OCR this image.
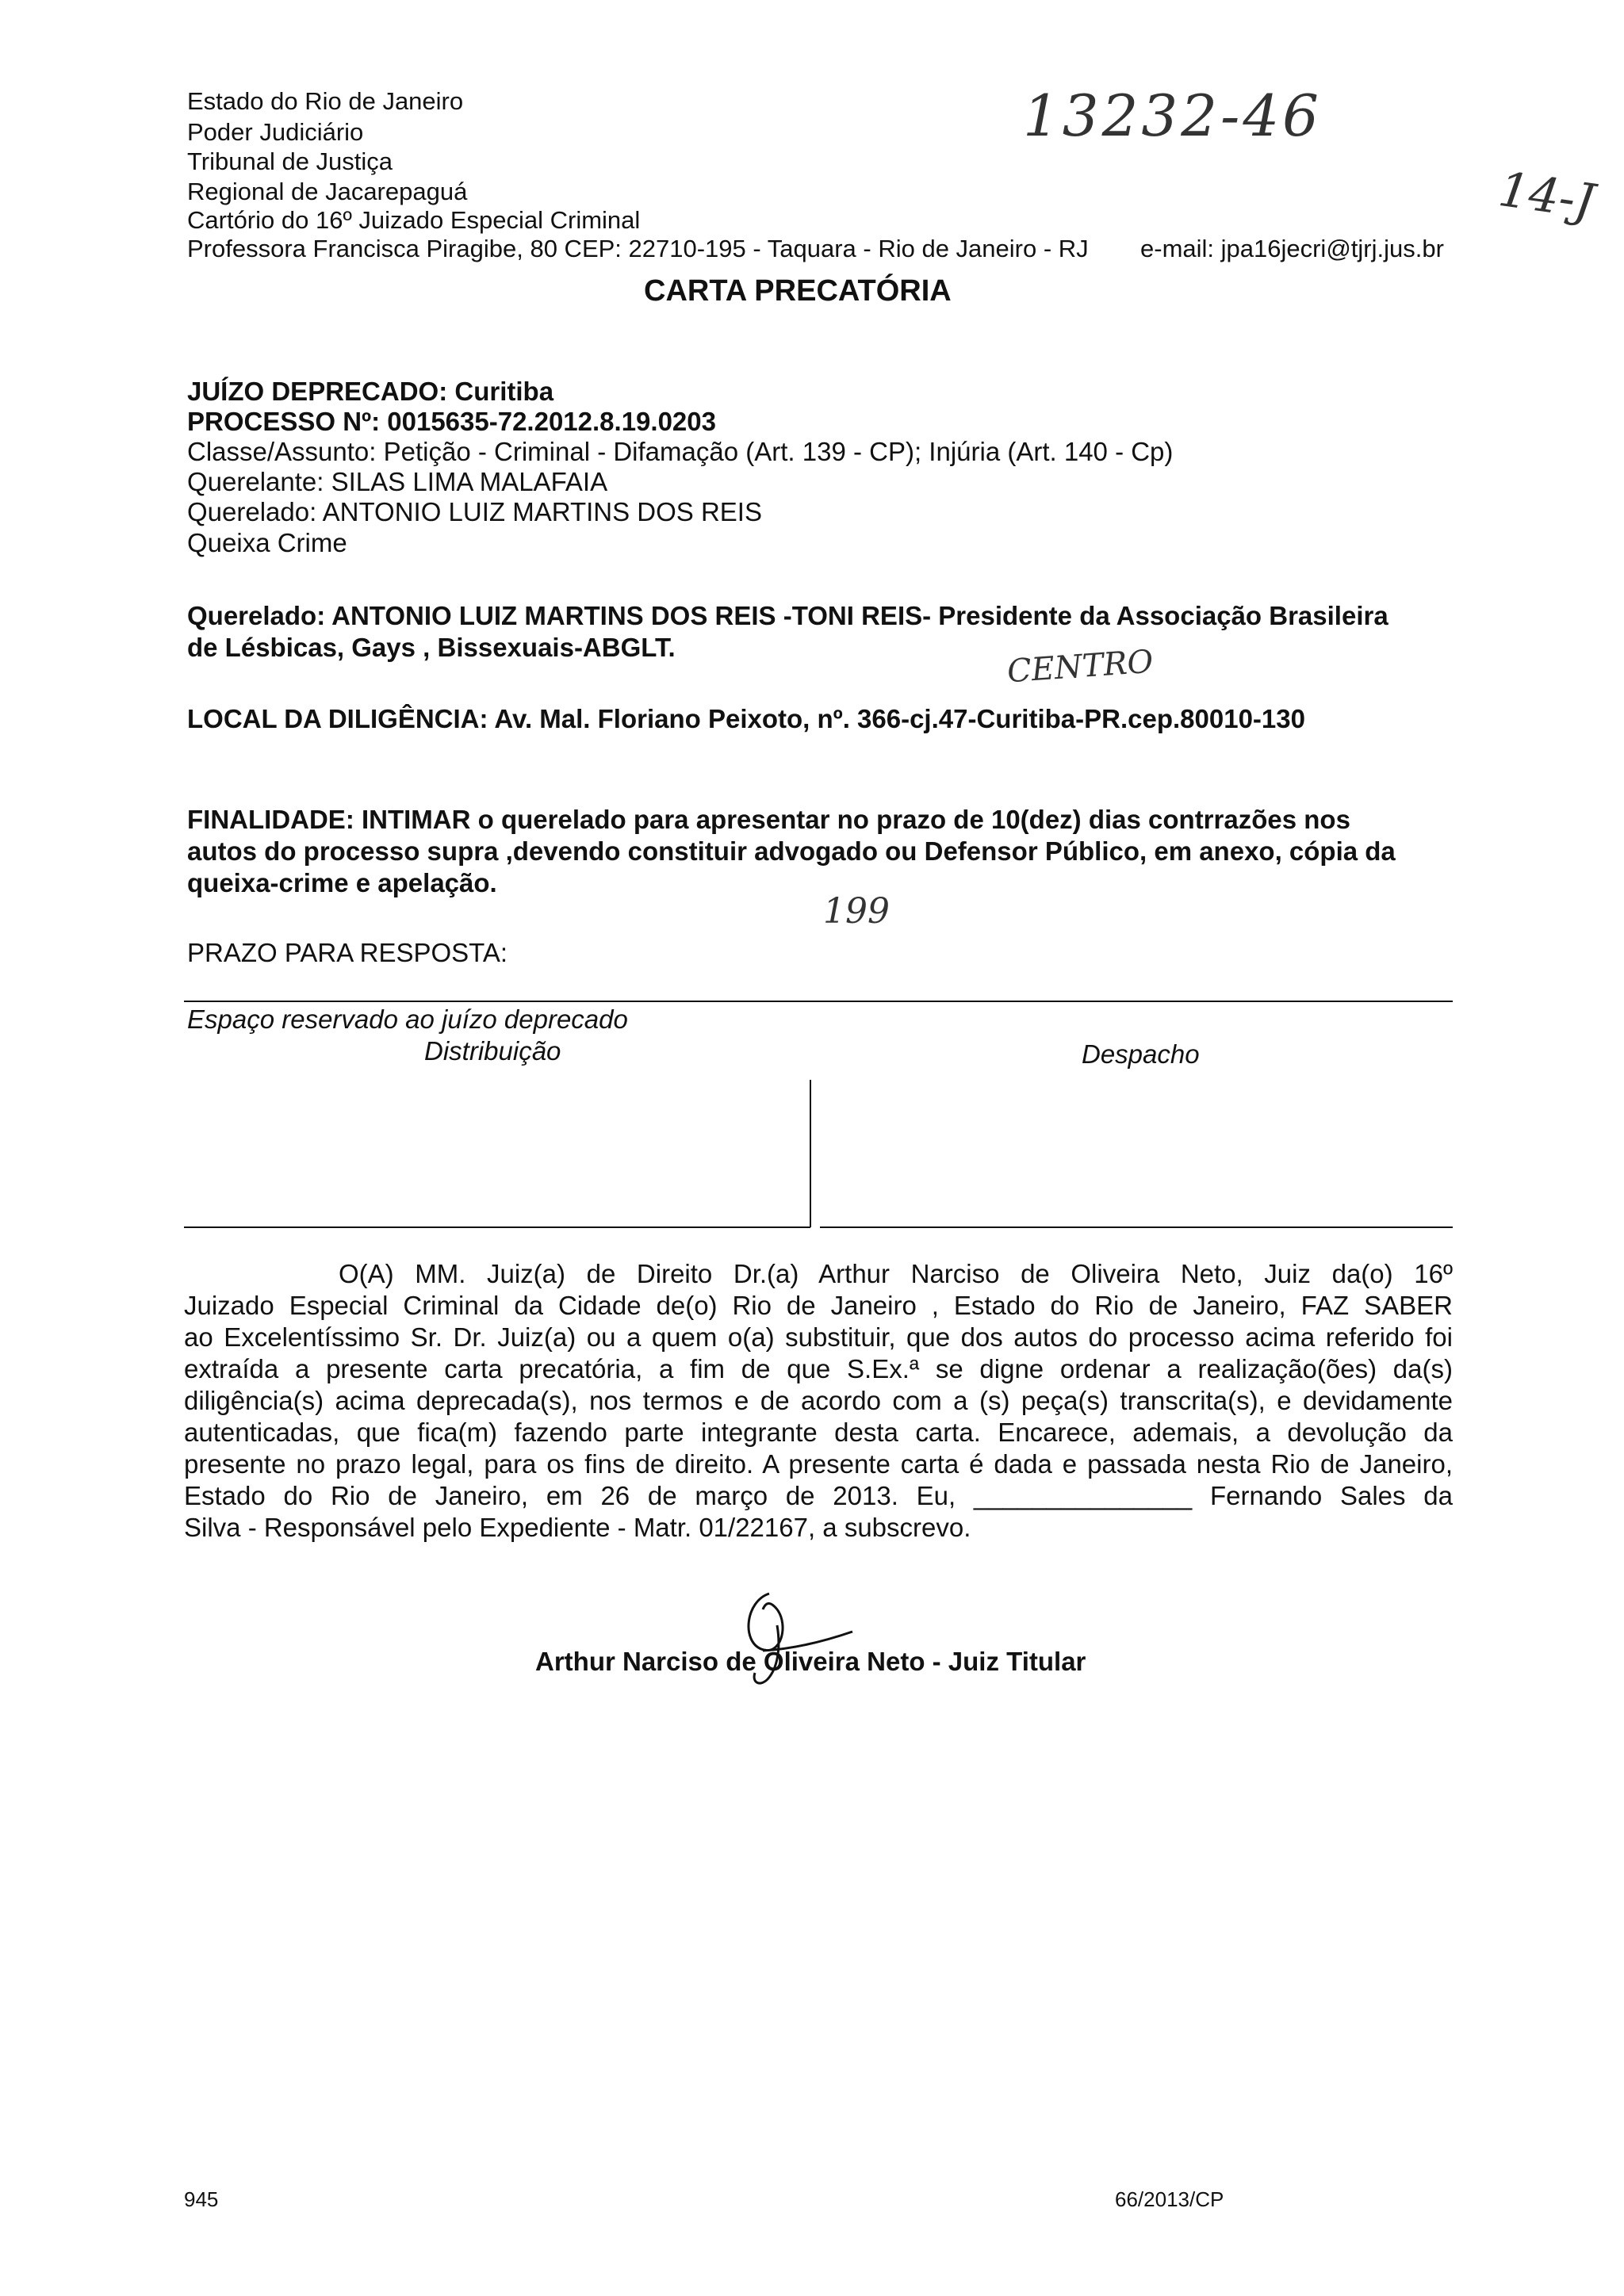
Estado do Rio de Janeiro
Poder Judiciário
Tribunal de Justiça
Regional de Jacarepaguá
Cartório do 16º Juizado Especial Criminal
Professora Francisca Piragibe, 80 CEP: 22710-195 - Taquara - Rio de Janeiro - RJ e-mail: jpa16jecri@tjrj.jus.br
13232-46
14-J
CARTA PRECATÓRIA
JUÍZO DEPRECADO: Curitiba
PROCESSO Nº: 0015635-72.2012.8.19.0203
Classe/Assunto: Petição - Criminal - Difamação (Art. 139 - CP); Injúria (Art. 140 - Cp)
Querelante: SILAS LIMA MALAFAIA
Querelado: ANTONIO LUIZ MARTINS DOS REIS
Queixa Crime
Querelado: ANTONIO LUIZ MARTINS DOS REIS -TONI REIS- Presidente da Associação Brasileira
de Lésbicas, Gays , Bissexuais-ABGLT.	CENTRO
LOCAL DA DILIGÊNCIA: Av. Mal. Floriano Peixoto, nº. 366-cj.47-Curitiba-PR.cep.80010-130
FINALIDADE: INTIMAR o querelado para apresentar no prazo de 10(dez) dias contrrazões nos
autos do processo supra ,devendo constituir advogado ou Defensor Público, em anexo, cópia da
queixa-crime e apelação.
199
PRAZO PARA RESPOSTA:
Espaço reservado ao juízo deprecado
Distribuição	Despacho
O(A) MM. Juiz(a) de Direito Dr.(a) Arthur Narciso de Oliveira Neto, Juiz da(o) 16º
Juizado Especial Criminal da Cidade de(o) Rio de Janeiro , Estado do Rio de Janeiro, FAZ SABER
ao Excelentíssimo Sr. Dr. Juiz(a) ou a quem o(a) substituir, que dos autos do processo acima referido foi
extraída a presente carta precatória, a fim de que S.Ex.ª se digne ordenar a realização(ões) da(s)
diligência(s) acima deprecada(s), nos termos e de acordo com a (s) peça(s) transcrita(s), e devidamente
autenticadas, que fica(m) fazendo parte integrante desta carta. Encarece, ademais, a devolução da
presente no prazo legal, para os fins de direito. A presente carta é dada e passada nesta Rio de Janeiro,
Estado do Rio de Janeiro, em 26 de março de 2013. Eu, _______________ Fernando Sales da
Silva - Responsável pelo Expediente - Matr. 01/22167, a subscrevo.
Arthur Narciso de Oliveira Neto - Juiz Titular
945	66/2013/CP
